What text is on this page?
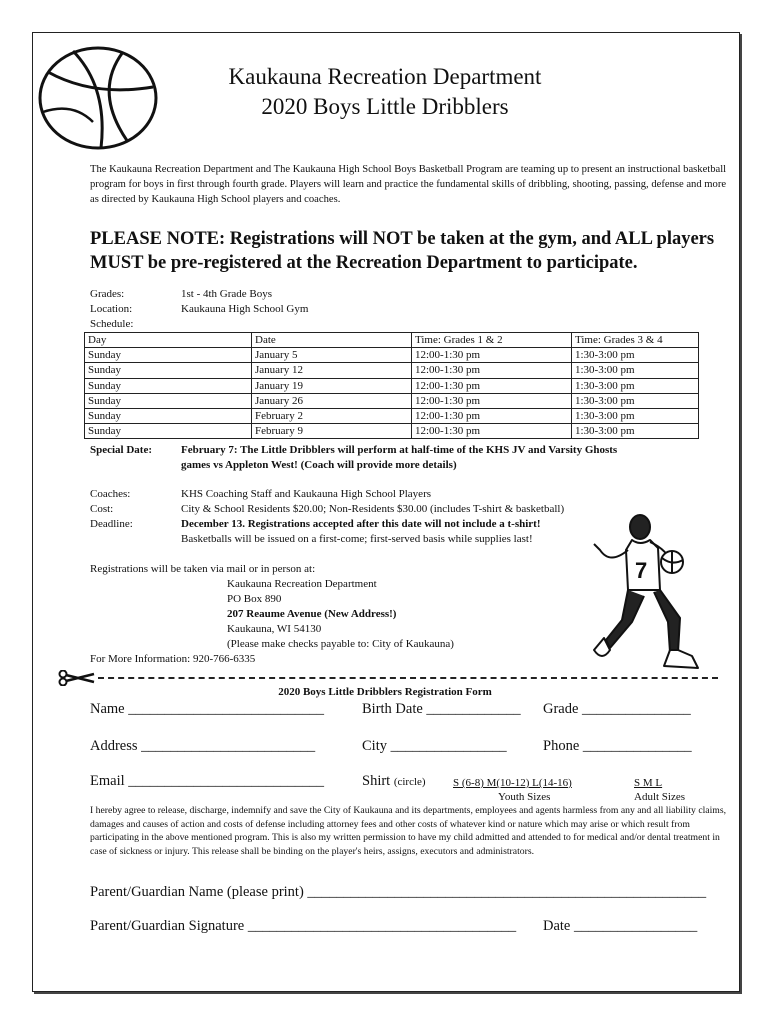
Kaukauna Recreation Department
2020 Boys Little Dribblers
The Kaukauna Recreation Department and The Kaukauna High School Boys Basketball Program are teaming up to present an instructional basketball program for boys in first through fourth grade. Players will learn and practice the fundamental skills of dribbling, shooting, passing, defense and more as directed by Kaukauna High School players and coaches.
PLEASE NOTE: Registrations will NOT be taken at the gym, and ALL players MUST be pre-registered at the Recreation Department to participate.
Grades:	1st - 4th Grade Boys
Location:	Kaukauna High School Gym
Schedule:
Day	Date	Time: Grades 1 & 2	Time: Grades 3 & 4
Sunday	January 5	12:00-1:30 pm	1:30-3:00 pm
Sunday	January 12	12:00-1:30 pm	1:30-3:00 pm
Sunday	January 19	12:00-1:30 pm	1:30-3:00 pm
Sunday	January 26	12:00-1:30 pm	1:30-3:00 pm
Sunday	February 2	12:00-1:30 pm	1:30-3:00 pm
Sunday	February 9	12:00-1:30 pm	1:30-3:00 pm
Special Date:	February 7: The Little Dribblers will perform at half-time of the KHS JV and Varsity Ghosts
games vs Appleton West! (Coach will provide more details)
Coaches:	KHS Coaching Staff and Kaukauna High School Players
Cost:	City & School Residents $20.00; Non-Residents $30.00 (includes T-shirt & basketball)
Deadline:	December 13. Registrations accepted after this date will not include a t-shirt!
Basketballs will be issued on a first-come; first-served basis while supplies last!
Registrations will be taken via mail or in person at:
Kaukauna Recreation Department
PO Box 890
207 Reaume Avenue (New Address!)
Kaukauna, WI 54130
(Please make checks payable to: City of Kaukauna)
For More Information: 920-766-6335
7
2020 Boys Little Dribblers Registration Form
Name ___________________________	Birth Date _____________ Grade _______________
Address ________________________	City ________________	Phone _______________
Email ___________________________	Shirt (circle) S (6-8) M(10-12) L(14-16)	S M L
Youth Sizes	Adult Sizes
I hereby agree to release, discharge, indemnify and save the City of Kaukauna and its departments, employees and agents harmless from any and all liability claims, damages and causes of action and costs of defense including attorney fees and other costs of whatever kind or nature which may arise or which result from participating in the above mentioned program. This is also my written permission to have my child admitted and attended to for medical and/or dental treatment in case of sickness or injury. This release shall be binding on the player's heirs, assigns, executors and administrators.
Parent/Guardian Name (please print) _______________________________________________________
Parent/Guardian Signature _____________________________________ Date _________________
